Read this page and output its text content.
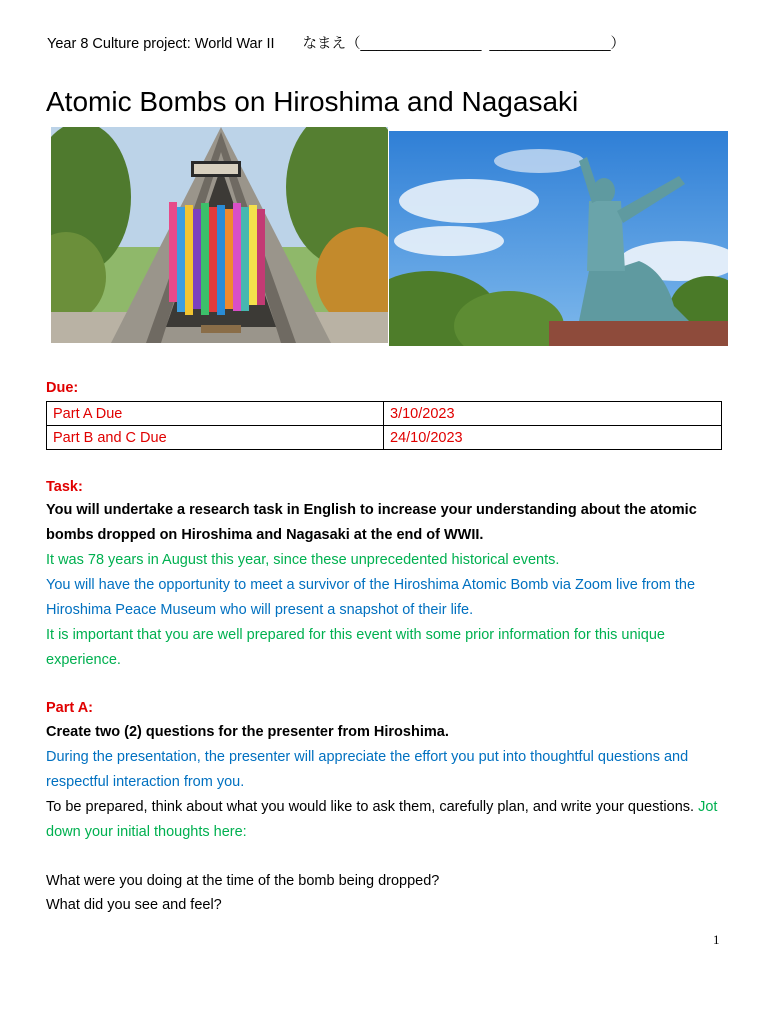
Year 8 Culture project: World War II なまえ（_______________  _______________）
Atomic Bombs on Hiroshima and Nagasaki
Due:
Part A Due	3/10/2023
Part B and C Due	24/10/2023
Task:
You will undertake a research task in English to increase your understanding about the atomic bombs dropped on Hiroshima and Nagasaki at the end of WWII.
It was 78 years in August this year, since these unprecedented historical events.
You will have the opportunity to meet a survivor of the Hiroshima Atomic Bomb via Zoom live from the Hiroshima Peace Museum who will present a snapshot of their life.
It is important that you are well prepared for this event with some prior information for this unique experience.
Part A:
Create two (2) questions for the presenter from Hiroshima.
During the presentation, the presenter will appreciate the effort you put into thoughtful questions and respectful interaction from you.
To be prepared, think about what you would like to ask them, carefully plan, and write your questions. Jot down your initial thoughts here:
What were you doing at the time of the bomb being dropped?
What did you see and feel?
1
